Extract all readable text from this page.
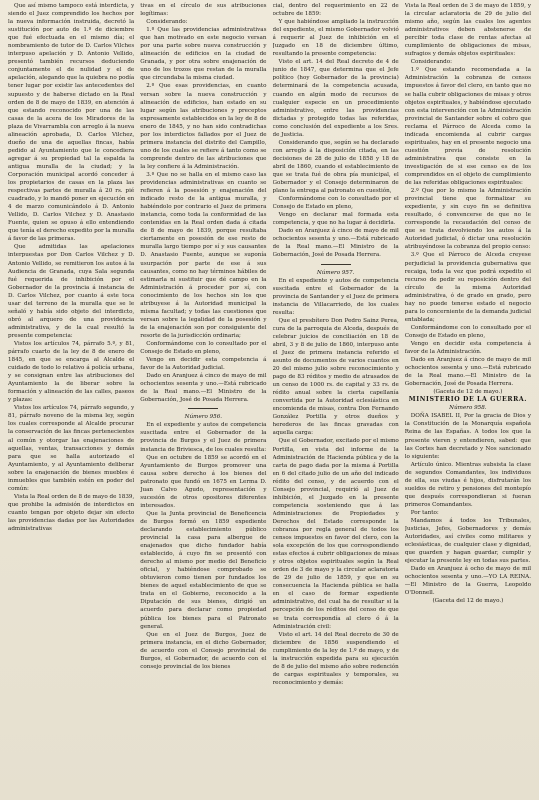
Que así mismo tampoco está interdicta, y siendo el Juez comprendido los hechos por la nueva información instruida, decretó la sustitución por auto de 1.º de diciembre que fué efectuada en el mismo día; el nombramiento de tutor de D. Carlos Vilches interpuso apelación y D. Antonio Vellido, presentó también recursos deduciendo conjuntamente el de nulidad y el de apelación, alegando que la quiebra no podía tener lugar por existir las antecedentes del supuesto y de haberse dictado en la Real orden de 8 de mayo de 1839, en atención á que estando reconocido por una de las casas de la acera de los Miradores de la plaza de Vivarrambla con arreglo á la nueva alineación aprobada, D. Carlos Vilchez, dueño de una de aquellas fincas, había pedido al Ayuntamiento que le concediera agregar á su propiedad tal la espalda la antigua muralla de la ciudad; y la Corporación municipal acordó conceder á los propietarios de casas en la plaza las respectivas partes de muralla á 20 rs. pié cuadrado, y lo mandó poner en ejecución en 4 de marzo comunicándolo á D. Antonio Vellido, D. Carlos Vilchez y D. Anastasio Fuente, quien se opuso á ello entendiendo que tenía el derecho expedito por la muralla á favor de las primeras.

Que admitidas las apelaciones interpuestas por Don Carlos Vilchez y D. Antonio Vellido, se remitieron los autos á la Audiencia de Granada, cuya Sala segunda fué requerida de inhibición por el Gobernador de la provincia á instancia de D. Carlos Vilchez, por cuanto á este toca usar del terreno de la muralla que se le señaló y había sido objeto del interdicto, obró al arquero de una providencia administrativa, y de la cual resultó la presente competencia:

Vistos los artículos 74, párrafo 5.º, y 81, párrafo cuarto de la ley de 8 de enero de 1845, en que se encarga al Alcalde el cuidado de todo lo relativo á policía urbana, y se consignan entre las atribuciones del Ayuntamiento la de liberar sobre la formación y alineación de las calles, paseos y plazas:

Vistos los artículos 74, párrafo segundo, y 81, párrafo noveno de la misma ley, según los cuales corresponde al Alcalde procurar la conservación de las fincas pertenecientes al común y otorgar las enajenaciones de aquellas, ventas, transacciones y demás para que se halla autorizado el Ayuntamiento, y al Ayuntamiento deliberar sobre la enajenación de bienes muebles é inmuebles que también estén en poder del común:

Vista la Real orden de 8 de mayo de 1839, que prohibe la admisión de interdictos en cuanto tengan por objeto dejar sin efecto las providencias dadas por las Autoridades administrativas

tivas en el círculo de sus atribuciones legítimas:

Considerando:

1.º Que las providencias administrativas que han motivado en este negocio versan por una parte sobre nueva construcción y alineación de edificios en la ciudad de Granada, y por otra sobre enajenación de uno de los trozos que restan de la muralla que circundaba la misma ciudad.

2.º Que esas providencias, en cuanto versan sobre la nueva construcción y alineación de edificios, han estado en su lugar según las atribuciones y preceptos expresamente establecidos en la ley de 8 de enero de 1845, y no han sido contradichas por los interdictos fallados por el Juez de primera instancia del distrito del Campillo, uno de los cuales se refiere á tanto como se comprende dentro de las atribuciones que la ley confiere á la Administración.

3.º Que no se halla en el mismo caso las providencias administrativas en cuanto se refieren á la posesión y enajenación del indicado resto de la antigua muralla, y habiéndolo por contrario el Juez de primera instancia, como toda la conformidad de las contenidas en la Real orden dada á citada de 8 de mayo de 1839, porque resultaba ciertamente en posesión de ese resto de muralla largo tiempo por sí y sus causantes D. Anastasio Fuente, aunque se suponía usurpación por parte de ese á sus causantes, como no hay términos hábiles de estimarla ni sustituir que dé campo en la Administración á proceder por sí, con conocimiento de los hechos sin los que atribuyese á la Autoridad municipal la misma facultad; y todas las cuestiones que versan sobre la legalidad de la posesión y de la enajenación son por consiguiente del resorte de la jurisdicción ordinaria;

Conformándome con lo consultado por el Consejo de Estado en pleno,

Vengo en decidir esta competencia á favor de la Autoridad judicial.

Dado en Aranjuez á cinco de mayo de mil ochocientos sesenta y uno.—Está rubricado de la Real mano.—El Ministro de la Gobernación, José de Posada Herrera.

Número 956.

En el expediente y autos de competencia suscitada entre el Gobernador de la provincia de Burgos y el Juez de primera instancia de Briviesca, de los cuales resulta:

Que en octubre de 1859 se acordó en el Ayuntamiento de Burgos promover una causa sobre derecho á los bienes del patronato que fundó en 1675 en Lerma D. Juan Calvo Agudo, representación y sucesión de otros opositores diferentes interesados.

Que la Junta provincial de Beneficencia de Burgos formó en 1859 expediente declarando establecimiento público provincial la casa para albergue de enajenados que dicho fundador había establecido, á cuyo fin se presentó con derecho al mismo por medio del Beneficio oficial, y habiéndose comprobado se obtuvieron como tienen por fundados los bienes de aquel establecimiento de que se trata en el Gobierno, reconocido a la Diputación de sus bienes, dirigió un acuerdo para declarar como propiedad pública los bienes para el Patronato general.

Que en el Juez de Burgos, Juez de primera instancia, en el dicho Gobernador, de acuerdo con el Consejo provincial de Burgos, el Gobernador, de acuerdo con el consejo provincial de los bienes

cial, dentro del requerimiento en 22 de octubre de 1859:

Y que habiéndose ampliado la instrucción del expediente, el mismo Gobernador volvió á requerir al Juez de inhibición en el Juzgado en 18 de diciembre último, resultando la presente competencia:

Visto el art. 14 del Real decreto de 4 de junio de 1847, que determina que el Jefe político (hoy Gobernador de la provincia) determinará de la competencia acusada, cuando en algún modo de recursos de cualquier especie en un procedimiento administrativo, entre las providencias dictadas y protegido todas las referidas, como conclusión del expediente a los Sres. de Justicia.

Considerando que, según se ha declarado con arreglo á la disposición citada, en las decisiones de 28 de julio de 1858 y 18 de abril de 1860, cuando el establecimiento de que se trata fué de obra pía municipal, el Gobernador y el Consejo determinaron de plano la entrega al patronato en cuestión,

Conformándome con lo consultado por el Consejo de Estado en pleno,

Vengo en declarar mal formada esta competencia, y que no ha lugar á decidirla.

Dado en Aranjuez á cinco de mayo de mil ochocientos sesenta y uno.—Está rubricado de la Real mano.—El Ministro de la Gobernación, José de Posada Herrera.

Número 957.

En el expediente y autos de competencia suscitada entre el Gobernador de la provincia de Santander y el Juez de primera instancia de Villacarriedo, de los cuales resulta:

Que el presbítero Don Pedro Sainz Perea, cura de la parroquia de Alceda, después de celebrar juicios de conciliación en 18 de abril, 3 y 8 de julio de 1860, interpuso ante el Juez de primera instancia referido el asunto de documentos de varios cuantos en 20 del mismo julio sobre reconocimiento y pago de 83 réditos y medio de atrasados de un censo de 1000 rs. de capital y 33 rs. de rédito anual sobre la cierta capellanía convertida por la Autoridad eclesiástica en encomienda de misas, contra Don Fernando González Portilla y otros dueños y herederos de las fincas gravadas con aquella carga:

Que el Gobernador, excitado por el mismo Portilla, en vista del informe de la Administración de Hacienda pública y de la carta de pago dada por la misma á Portilla en 6 del citado julio de un año del indicado rédito del censo, y de acuerdo con el Consejo provincial, requirió al Juez de inhibición, el Juzgado en la presente competencia sosteniendo que á las Administraciones de Propiedades y Derechos del Estado corresponde la cobranza por regla general de todos los censos impuestos en favor del clero, con la sola excepción de los que correspondiendo estas efectos á cubrir obligaciones de misas y otros objetos espirituales según la Real orden de 3 de mayo y la circular aclaratoria de 29 de julio de 1859, y que en su consecuencia la Hacienda pública se halla en el caso de formar expediente administrativo, del cual ha de resultar si la percepción de los réditos del censo de que se trata correspondía al clero ó á la Administración civil:

Visto el art. 14 del Real decreto de 30 de diciembre de 1856 suspendiendo el cumplimiento de la ley de 1.º de mayo, y de la instrucción expedida para su ejecución de 8 de julio del mismo año sobre redención de cargas espirituales y temporales, su reconocimiento y demás:

Vista la Real orden de 3 de mayo de 1859, y la circular aclaratoria de 29 de julio del mismo año, según las cuales los agentes administrativos deben abstenerse de percibir toda clase de rentas afectas al cumplimiento de obligaciones de misas, sufragios y demás objetos espirituales:

Considerando:

1.º Que estando recomendada a la Administración la cobranza de censos impuestos á favor del clero, en tanto que no se halla cubrir obligaciones de misas y otros objetos espirituales, y habiéndose ejecutado con esta intervención con la Administración provincial de Santander sobre el cobro que reclama el Párroco de Alceda como la indicada encomienda al cubrir cargas espirituales, hay en el presente negocio una cuestión previa de resolución administrativa que consiste en la investigación de si ese censo es de los comprendidos en el objeto de cumplimiento de las referidas obligaciones espirituales:

2.º Que por lo mismo la Administración provincial tiene que formalizar su expediente, y sin cuyo fin se definitiva resultado, ó convencerse de que no le corresponde la recaudación del censo de que se trata devolviendo los autos á la Autoridad judicial, ó dictar una resolución atribuyéndose la cobranza del propio censo:

3.º Que el Párroco de Alceda creyese perjudicial la providencia gubernativa que recaiga, toda la vez que podrá expedito el recurso de pedir su reposición dentro del círculo de la misma Autoridad administrativa, ó de grado en grado, pero hay no puede tenerse estado el negocio para lo concerniente de la demanda judicial entablada;

Conformándome con lo consultado por el Consejo de Estado en pleno,

Vengo en decidir esta competencia á favor de la Administración.

Dado en Aranjuez á cinco de mayo de mil ochocientos sesenta y uno.—Está rubricado de la Real mano.—El Ministro de la Gobernación, José de Posada Herrera.

(Gaceta de 12 de mayo.)

MINISTERIO DE LA GUERRA.

Número 958.

DOÑA ISABEL II, Por la gracia de Dios y la Constitución de la Monarquía española Reina de las Españas. A todos los que la presente vieren y entendieren, sabed: que las Cortes han decretado y Nos sancionado lo siguiente:

Artículo único. Mientras subsista la clase de segundos Comandantes, los individuos de ella, sus viudas é hijos, disfrutarán los sueldos de retiro y pensiones del montepío que después correspondieran si fueran primeros Comandantes.

Por tanto:

Mandamos á todos los Tribunales, Justicias, Jefes, Gobernadores y demás Autoridades, así civiles como militares y eclesiásticas, de cualquier clase y dignidad, que guarden y hagan guardar, cumplir y ejecutar la presente ley en todas sus partes.

Dado en Aranjuez á ocho de mayo de mil ochocientos sesenta y uno.—YO LA REINA.—El Ministro de la Guerra, Leopoldo O'Donnell.

(Gaceta del 12 de mayo.)
